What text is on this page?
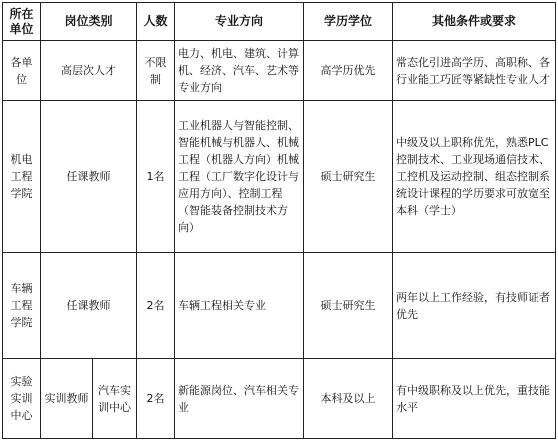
所在单位	岗位类别		人数	专业方向	学历学位	其他条件或要求
各单位	高层次人才		不限制	电力、机电、建筑、计算机、经济、汽车、艺术等专业方向	高学历优先	常态化引进高学历、高职称、各行业能工巧匠等紧缺性专业人才
机电工程学院	任课教师		1名	工业机器人与智能控制、智能机械与机器人、机械工程（机器人方向）机械工程（工厂数字化设计与应用方向）、控制工程（智能装备控制技术方向）	硕士研究生	中级及以上职称优先，熟悉PLC控制技术、工业现场通信技术、工控机及运动控制、组态控制系统设计课程的学历要求可放宽至本科（学士）
车辆工程学院	任课教师		2名	车辆工程相关专业	硕士研究生	两年以上工作经验，有技师证者优先
实验实训中心	实训教师	汽车实训中心	2名	新能源岗位、汽车相关专业	本科及以上	有中级职称及以上优先，重技能水平
